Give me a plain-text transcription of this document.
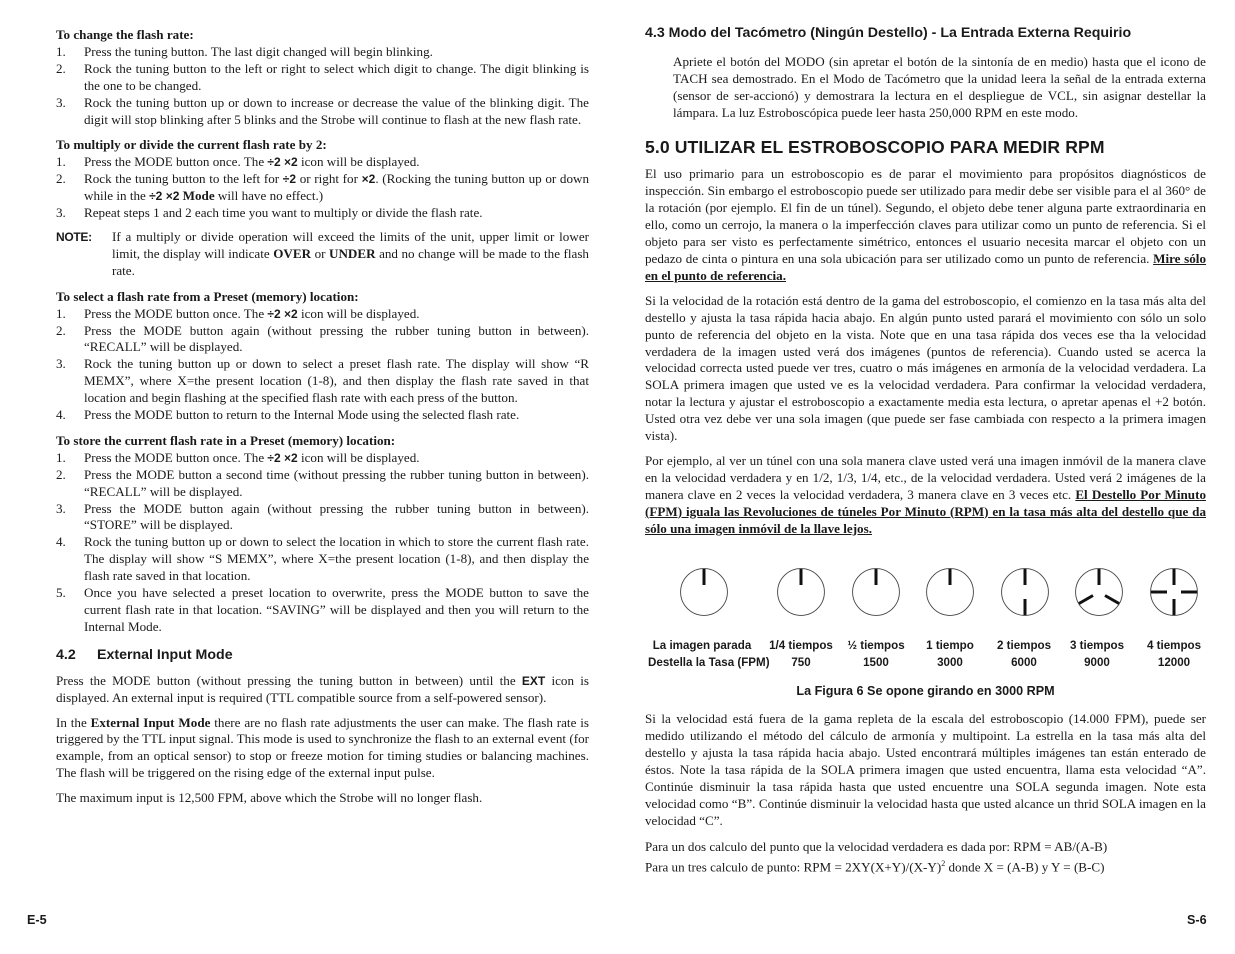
To change the flash rate:

1. Press the tuning button. The last digit changed will begin blinking.
2. Rock the tuning button to the left or right to select which digit to change. The digit blinking is the one to be changed.
3. Rock the tuning button up or down to increase or decrease the value of the blinking digit. The digit will stop blinking after 5 blinks and the Strobe will continue to flash at the new flash rate.

To multiply or divide the current flash rate by 2:

1. Press the MODE button once. The ÷2 ×2 icon will be displayed.
2. Rock the tuning button to the left for ÷2 or right for ×2. (Rocking the tuning button up or down while in the ÷2 ×2 Mode will have no effect.)
3. Repeat steps 1 and 2 each time you want to multiply or divide the flash rate.
NOTE: If a multiply or divide operation will exceed the limits of the unit, upper limit or lower limit, the display will indicate OVER or UNDER and no change will be made to the flash rate.

To select a flash rate from a Preset (memory) location:

1. Press the MODE button once. The ÷2 ×2 icon will be displayed.
2. Press the MODE button again (without pressing the rubber tuning button in between). “RECALL” will be displayed.
3. Rock the tuning button up or down to select a preset flash rate. The display will show “R MEMX”, where X=the present location (1-8), and then display the flash rate saved in that location and begin flashing at the specified flash rate with each press of the button.
4. Press the MODE button to return to the Internal Mode using the selected flash rate.

To store the current flash rate in a Preset (memory) location:

1. Press the MODE button once. The ÷2 ×2 icon will be displayed.
2. Press the MODE button a second time (without pressing the rubber tuning button in between). “RECALL” will be displayed.
3. Press the MODE button again (without pressing the rubber tuning button in between). “STORE” will be displayed.
4. Rock the tuning button up or down to select the location in which to store the current flash rate. The display will show “S MEMX”, where X=the present location (1-8), and then display the flash rate saved in that location.
5. Once you have selected a preset location to overwrite, press the MODE button to save the current flash rate in that location. “SAVING” will be displayed and then you will return to the Internal Mode.
4.2 External Input Mode

Press the MODE button (without pressing the tuning button in between) until the EXT icon is displayed. An external input is required (TTL compatible source from a self-powered sensor).

In the External Input Mode there are no flash rate adjustments the user can make. The flash rate is triggered by the TTL input signal. This mode is used to synchronize the flash to an external event (for example, from an optical sensor) to stop or freeze motion for timing studies or balancing machines. The flash will be triggered on the rising edge of the external input pulse.

The maximum input is 12,500 FPM, above which the Strobe will no longer flash.

4.3 Modo del Tacómetro (Ningún Destello) - La Entrada Externa Requirio

Apriete el botón del MODO (sin apretar el botón de la sintonía de en medio) hasta que el icono de TACH sea demostrado. En el Modo de Tacómetro que la unidad leera la señal de la entrada externa (sensor de ser-accionó) y demostrara la lectura en el despliegue de VCL, sin asignar destellar la lámpara. La luz Estroboscópica puede leer hasta 250,000 RPM en este modo.

5.0 UTILIZAR EL ESTROBOSCOPIO PARA MEDIR RPM

El uso primario para un estroboscopio es de parar el movimiento para propósitos diagnósticos de inspección. Sin embargo el estroboscopio puede ser utilizado para medir debe ser visible para el al 360° de la rotación (por ejemplo. El fin de un túnel). Segundo, el objeto debe tener alguna parte extraordinaria en ello, como un cerrojo, la manera o la imperfección claves para utilizar como un punto de referencia. Si el objeto para ser visto es perfectamente simétrico, entonces el usuario necesita marcar el objeto con un pedazo de cinta o pintura en una sola ubicación para ser utilizado como un punto de referencia. Mire sólo en el punto de referencia.

Si la velocidad de la rotación está dentro de la gama del estroboscopio, el comienzo en la tasa más alta del destello y ajusta la tasa rápida hacia abajo. En algún punto usted parará el movimiento con sólo un solo punto de referencia del objeto en la vista. Note que en una tasa rápida dos veces ese tha la velocidad verdadera de la imagen usted verá dos imágenes (puntos de referencia). Cuando usted se acerca la velocidad correcta usted puede ver tres, cuatro o más imágenes en armonía de la velocidad verdadera. La SOLA primera imagen que usted ve es la velocidad verdadera. Para confirmar la velocidad verdadera, notar la lectura y ajustar el estroboscopio a exactamente media esta lectura, o apretar apenas el +2 botón. Usted otra vez debe ver una sola imagen (que puede ser fase cambiada con respecto a la primera imagen vista).

Por ejemplo, al ver un túnel con una sola manera clave usted verá una imagen inmóvil de la manera clave en la velocidad verdadera y en 1/2, 1/3, 1/4, etc., de la velocidad verdadera. Usted verá 2 imágenes de la manera clave en 2 veces la velocidad verdadera, 3 manera clave en 3 veces etc. El Destello Por Minuto (FPM) iguala las Revoluciones de túneles Por Minuto (RPM) en la tasa más alta del destello que da sólo una imagen inmóvil de la llave lejos.

La imagen parada
Destella la Tasa (FPM)
1/4 tiempos
750
½ tiempos
1500
1 tiempo
3000
2 tiempos
6000
3 tiempos
9000
4 tiempos
12000
La Figura 6 Se opone girando en 3000 RPM

Si la velocidad está fuera de la gama repleta de la escala del estroboscopio (14.000 FPM), puede ser medido utilizando el método del cálculo de armonía y multipoint. La estrella en la tasa más alta del destello y ajusta la tasa rápida hacia abajo. Usted encontrará múltiples imágenes tan están enterado de éstos. Note la tasa rápida de la SOLA primera imagen que usted encuentra, llama esta velocidad “A”. Continúe disminuir la tasa rápida hasta que usted encuentre una SOLA segunda imagen. Note esta velocidad como “B”. Continúe disminuir la velocidad hasta que usted alcance un thrid SOLA imagen en la velocidad “C”.

Para un dos calculo del punto que la velocidad verdadera es dada por: RPM = AB/(A-B)
Para un tres calculo de punto: RPM = $2XY(X+Y)/(X-Y)^2$ donde X = (A-B) y Y = (B-C)

E-5	S-6
